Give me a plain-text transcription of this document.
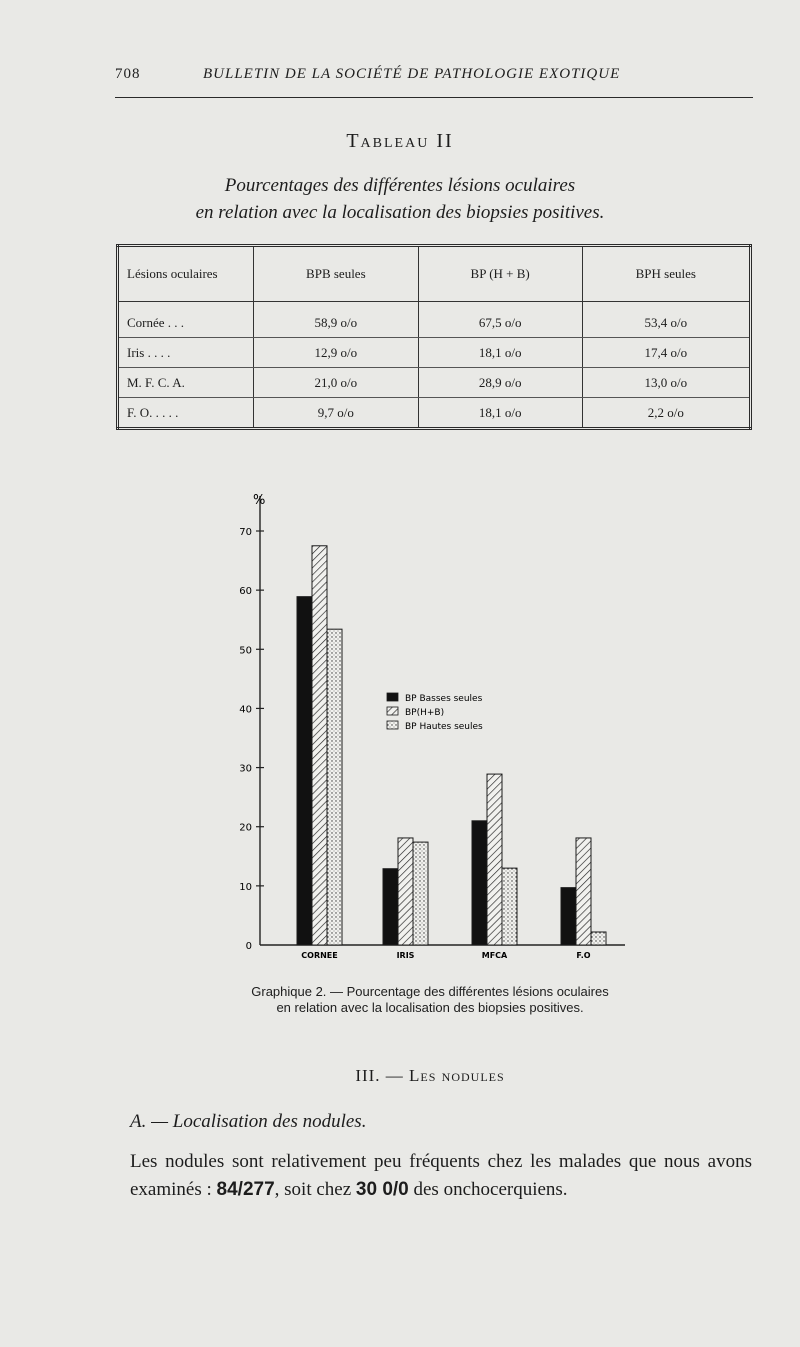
708	BULLETIN DE LA SOCIÉTÉ DE PATHOLOGIE EXOTIQUE
Tableau II
Pourcentages des différentes lésions oculaires
en relation avec la localisation des biopsies positives.
Lésions oculaires	BPB seules	BP (H + B)	BPH seules
Cornée . . .	58,9 o/o	67,5 o/o	53,4 o/o
Iris . . . .	12,9 o/o	18,1 o/o	17,4 o/o
M. F. C. A.	21,0 o/o	28,9 o/o	13,0 o/o
F. O. . . . .	9,7 o/o	18,1 o/o	2,2 o/o
%
0
10
20
30
40
50
60
70
CORNEE	IRIS	MFCA	F.O
BP Basses seules
BP(H+B)
BP Hautes seules
Graphique 2. — Pourcentage des différentes lésions oculaires
en relation avec la localisation des biopsies positives.
III. — Les nodules
A. — Localisation des nodules.
Les nodules sont relativement peu fréquents chez les malades que nous avons examinés : 84/277, soit chez 30 0/0 des onchocerquiens.
